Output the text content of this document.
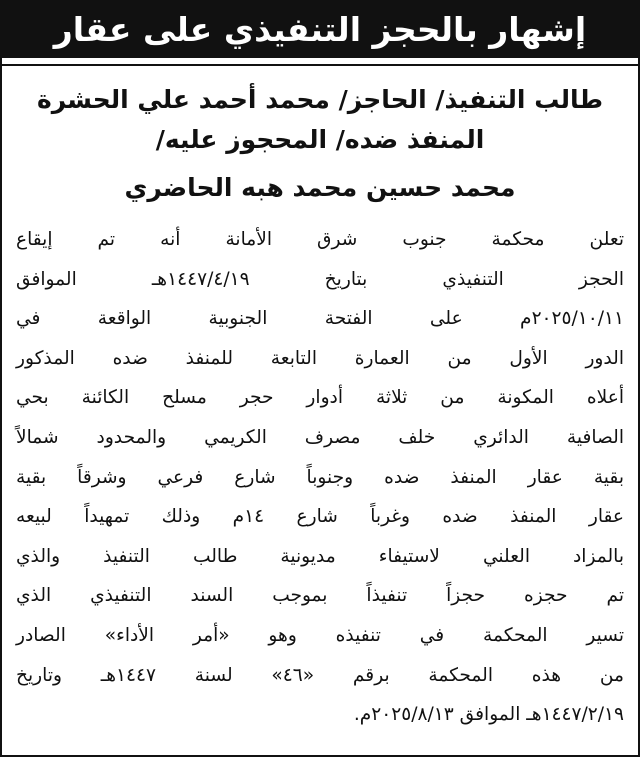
إشهار بالحجز التنفيذي على عقار
طالب التنفيذ/ الحاجز/ محمد أحمد علي الحشرة
المنفذ ضده/ المحجوز عليه/
محمد حسين محمد هبه الحاضري
تعلن محكمة جنوب شرق الأمانة أنه تم إيقاع
الحجز التنفيذي بتاريخ ١٤٤٧/٤/١٩هـ الموافق
٢٠٢٥/١٠/١١م على الفتحة الجنوبية الواقعة في
الدور الأول من العمارة التابعة للمنفذ ضده المذكور
أعلاه المكونة من ثلاثة أدوار حجر مسلح الكائنة بحي
الصافية الدائري خلف مصرف الكريمي والمحدود شمالاً
بقية عقار المنفذ ضده وجنوباً شارع فرعي وشرقاً بقية
عقار المنفذ ضده وغرباً شارع ١٤م وذلك تمهيداً لبيعه
بالمزاد العلني لاستيفاء مديونية طالب التنفيذ والذي
تم حجزه حجزاً تنفيذاً بموجب السند التنفيذي الذي
تسير المحكمة في تنفيذه وهو «أمر الأداء» الصادر
من هذه المحكمة برقم «٤٦» لسنة ١٤٤٧هـ وتاريخ
١٤٤٧/٢/١٩هـ الموافق ٢٠٢٥/٨/١٣م.
